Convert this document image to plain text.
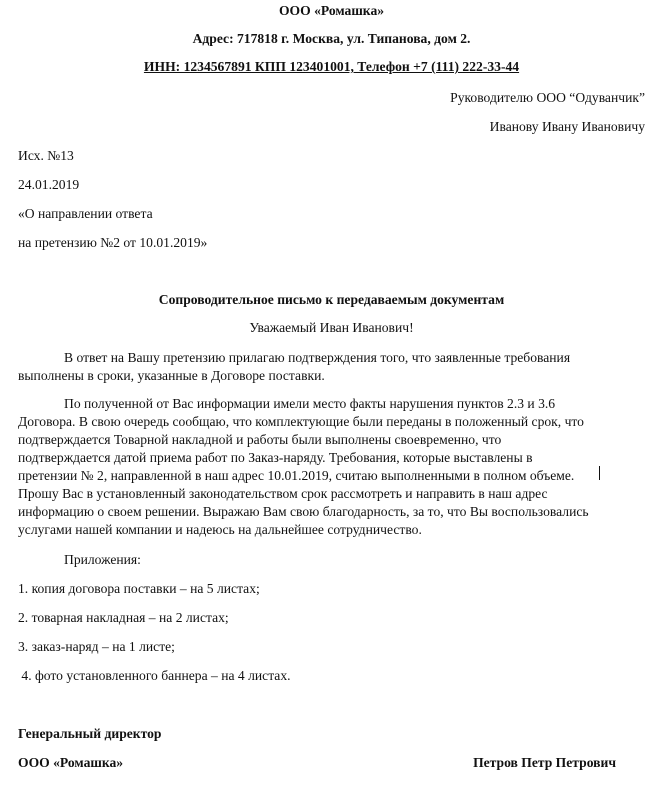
ООО «Ромашка»
Адрес: 717818 г. Москва, ул. Типанова, дом 2.
ИНН: 1234567891 КПП 123401001, Телефон +7 (111) 222-33-44
Руководителю ООО “Одуванчик”
Иванову Ивану Ивановичу
Исх. №13
24.01.2019
«О направлении ответа
на претензию №2 от 10.01.2019»
Сопроводительное письмо к передаваемым документам
Уважаемый Иван Иванович!
В ответ на Вашу претензию прилагаю подтверждения того, что заявленные требования
выполнены в сроки, указанные в Договоре поставки.
По полученной от Вас информации имели место факты нарушения пунктов 2.3 и 3.6
Договора. В свою очередь сообщаю, что комплектующие были переданы в положенный срок, что
подтверждается Товарной накладной и работы были выполнены своевременно, что
подтверждается датой приема работ по Заказ-наряду. Требования, которые выставлены в
претензии № 2, направленной в наш адрес 10.01.2019, считаю выполненными в полном объеме.
Прошу Вас в установленный законодательством срок рассмотреть и направить в наш адрес
информацию о своем решении. Выражаю Вам свою благодарность, за то, что Вы воспользовались
услугами нашей компании и надеюсь на дальнейшее сотрудничество.
Приложения:
1. копия договора поставки – на 5 листах;
2. товарная накладная – на 2 листах;
3. заказ-наряд – на 1 листе;
4. фото установленного баннера – на 4 листах.
Генеральный директор
ООО «Ромашка»	Петров Петр Петрович
